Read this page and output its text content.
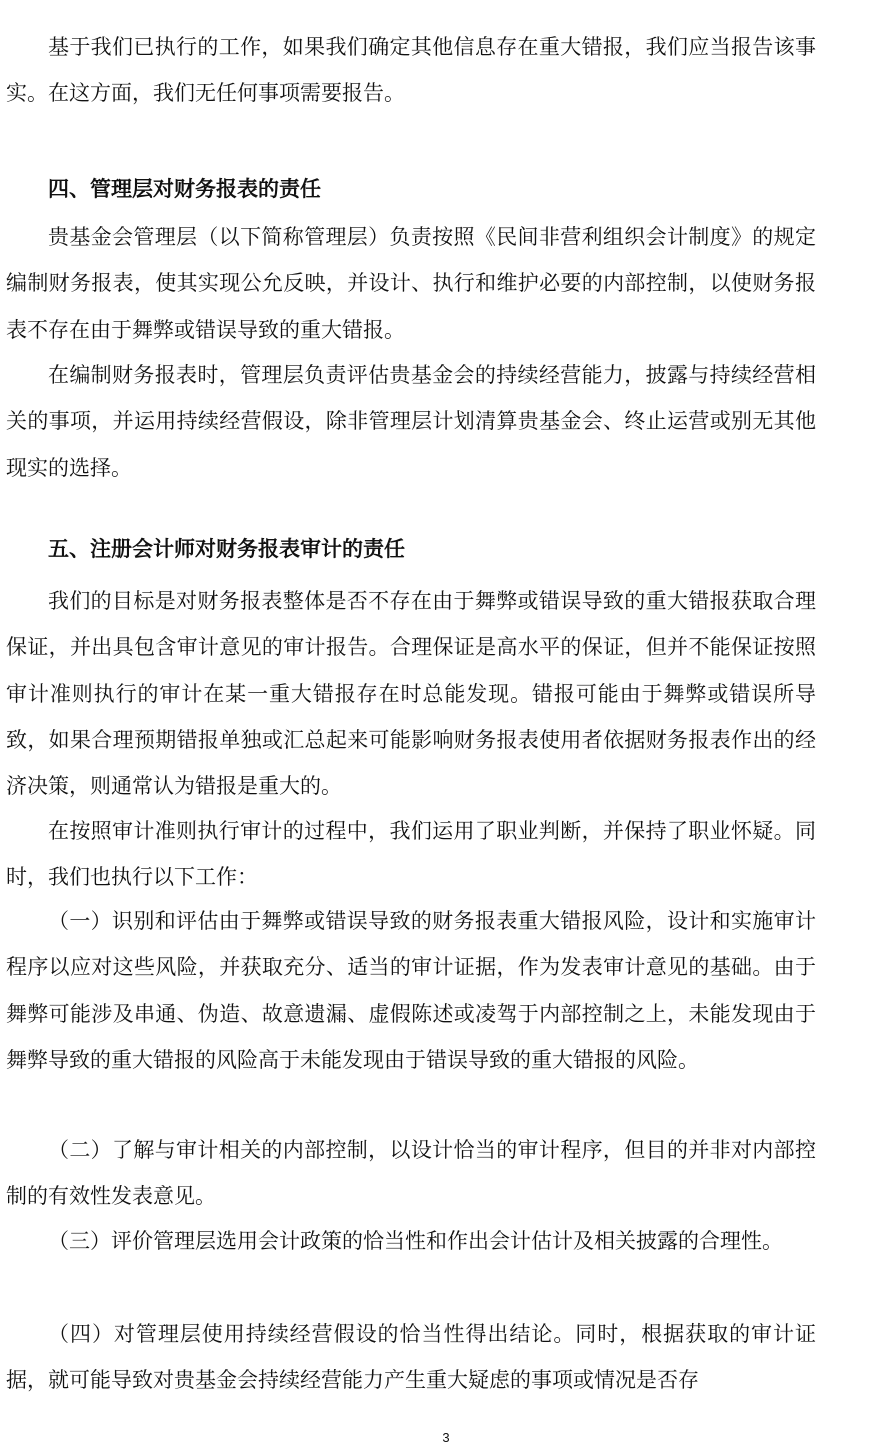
基于我们已执行的工作，如果我们确定其他信息存在重大错报，我们应当报告该事实。在这方面，我们无任何事项需要报告。

四、管理层对财务报表的责任

贵基金会管理层（以下简称管理层）负责按照《民间非营利组织会计制度》的规定编制财务报表，使其实现公允反映，并设计、执行和维护必要的内部控制，以使财务报表不存在由于舞弊或错误导致的重大错报。

在编制财务报表时，管理层负责评估贵基金会的持续经营能力，披露与持续经营相关的事项，并运用持续经营假设，除非管理层计划清算贵基金会、终止运营或别无其他现实的选择。

五、注册会计师对财务报表审计的责任

我们的目标是对财务报表整体是否不存在由于舞弊或错误导致的重大错报获取合理保证，并出具包含审计意见的审计报告。合理保证是高水平的保证，但并不能保证按照审计准则执行的审计在某一重大错报存在时总能发现。错报可能由于舞弊或错误所导致，如果合理预期错报单独或汇总起来可能影响财务报表使用者依据财务报表作出的经济决策，则通常认为错报是重大的。

在按照审计准则执行审计的过程中，我们运用了职业判断，并保持了职业怀疑。同时，我们也执行以下工作：

（一）识别和评估由于舞弊或错误导致的财务报表重大错报风险，设计和实施审计程序以应对这些风险，并获取充分、适当的审计证据，作为发表审计意见的基础。由于舞弊可能涉及串通、伪造、故意遗漏、虚假陈述或凌驾于内部控制之上，未能发现由于舞弊导致的重大错报的风险高于未能发现由于错误导致的重大错报的风险。

（二）了解与审计相关的内部控制，以设计恰当的审计程序，但目的并非对内部控制的有效性发表意见。

（三）评价管理层选用会计政策的恰当性和作出会计估计及相关披露的合理性。

（四）对管理层使用持续经营假设的恰当性得出结论。同时，根据获取的审计证据，就可能导致对贵基金会持续经营能力产生重大疑虑的事项或情况是否存

3
